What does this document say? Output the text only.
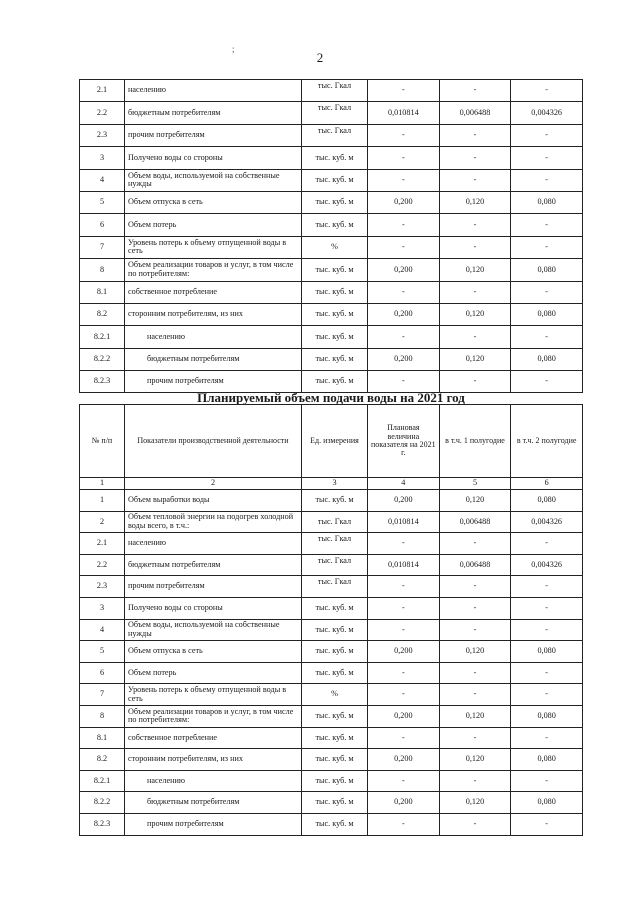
;
2
2.1	населению	тыс. Гкал	-	-	-
2.2	бюджетным потребителям	тыс. Гкал	0,010814	0,006488	0,004326
2.3	прочим потребителям	тыс. Гкал	-	-	-
3	Получено воды со стороны	тыс. куб. м	-	-	-
4	Объем воды, используемой на собственные нужды	тыс. куб. м	-	-	-
5	Объем отпуска в сеть	тыс. куб. м	0,200	0,120	0,080
6	Объем потерь	тыс. куб. м	-	-	-
7	Уровень потерь к объему отпущенной воды в сеть	%	-	-	-
8	Объем реализации товаров и услуг, в том числе по потребителям:	тыс. куб. м	0,200	0,120	0,080
8.1	собственное потребление	тыс. куб. м	-	-	-
8.2	сторонним потребителям, из них	тыс. куб. м	0,200	0,120	0,080
8.2.1	населению	тыс. куб. м	-	-	-
8.2.2	бюджетным потребителям	тыс. куб. м	0,200	0,120	0,080
8.2.3	прочим потребителям	тыс. куб. м	-	-	-
Планируемый объем подачи воды на 2021 год
№ п/п	Показатели производственной деятельности	Ед. измерения	Плановая величина показателя на 2021 г.	в т.ч. 1 полугодие	в т.ч. 2 полугодие
1	2	3	4	5	6
1	Объем выработки воды	тыс. куб. м	0,200	0,120	0,080
2	Объем тепловой энергии на подогрев холодной воды всего, в т.ч.:	тыс. Гкал	0,010814	0,006488	0,004326
2.1	населению	тыс. Гкал	-	-	-
2.2	бюджетным потребителям	тыс. Гкал	0,010814	0,006488	0,004326
2.3	прочим потребителям	тыс. Гкал	-	-	-
3	Получено воды со стороны	тыс. куб. м	-	-	-
4	Объем воды, используемой на собственные нужды	тыс. куб. м	-	-	-
5	Объем отпуска в сеть	тыс. куб. м	0,200	0,120	0,080
6	Объем потерь	тыс. куб. м	-	-	-
7	Уровень потерь к объему отпущенной воды в сеть	%	-	-	-
8	Объем реализации товаров и услуг, в том числе по потребителям:	тыс. куб. м	0,200	0,120	0,080
8.1	собственное потребление	тыс. куб. м	-	-	-
8.2	сторонним потребителям, из них	тыс. куб. м	0,200	0,120	0,080
8.2.1	населению	тыс. куб. м	-	-	-
8.2.2	бюджетным потребителям	тыс. куб. м	0,200	0,120	0,080
8.2.3	прочим потребителям	тыс. куб. м	-	-	-
